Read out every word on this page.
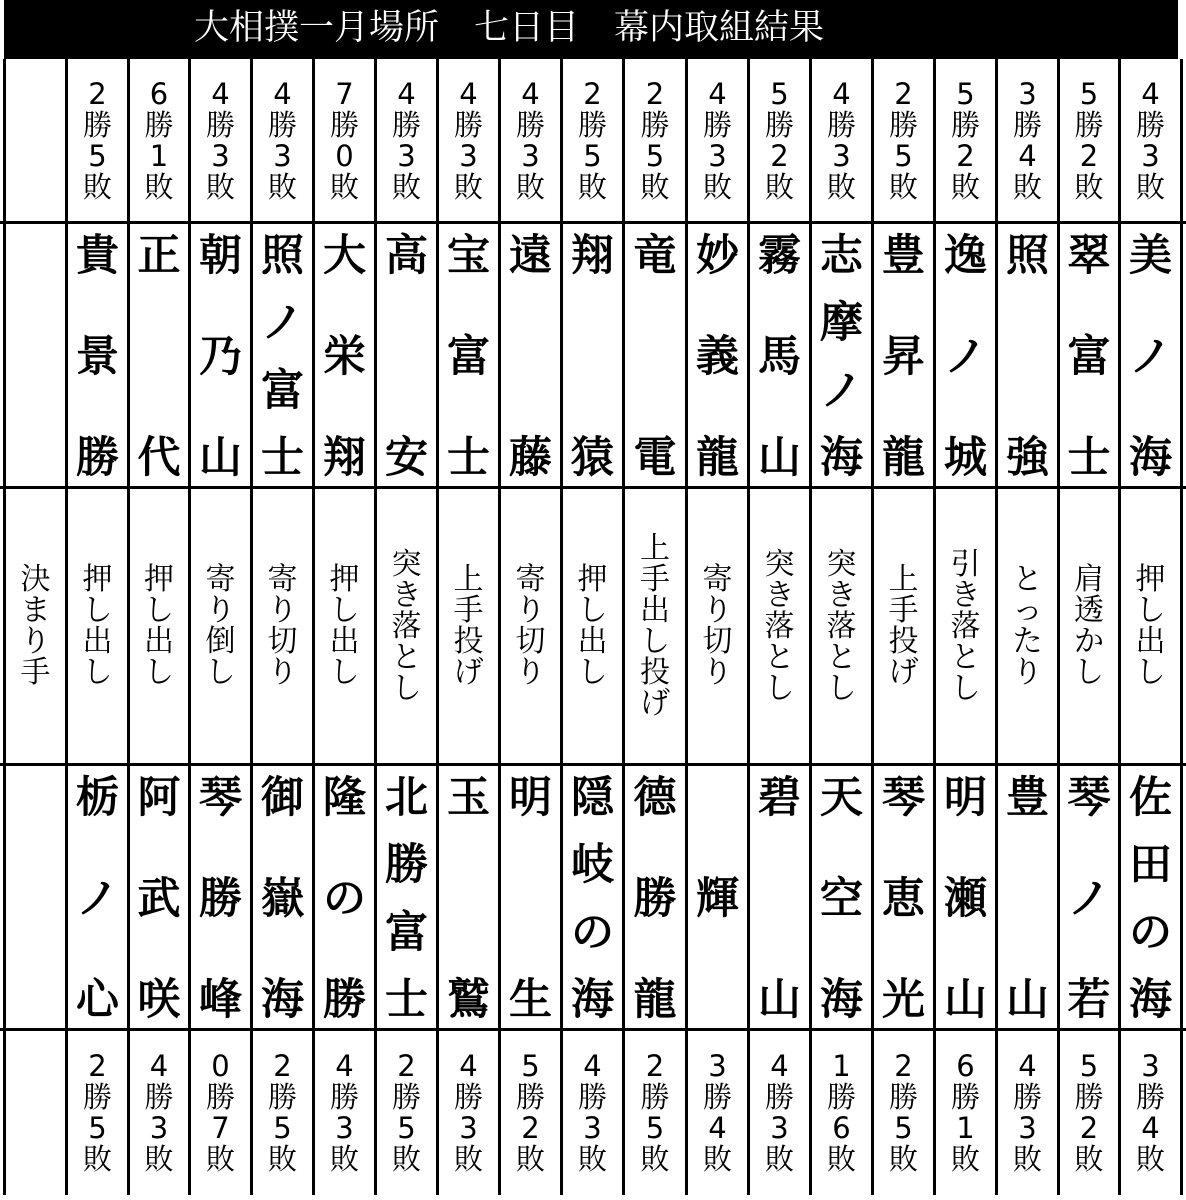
大相撲一月場所　七日目　幕内取組結果
決
ま
り
手
2
勝
5
敗
貴
景
勝
押
し
出
し
栃
ノ
心
2
勝
5
敗
6
勝
1
敗
正
代
押
し
出
し
阿
武
咲
4
勝
3
敗
4
勝
3
敗
朝
乃
山
寄
り
倒
し
琴
勝
峰
0
勝
7
敗
4
勝
3
敗
照
ノ
富
士
寄
り
切
り
御
嶽
海
2
勝
5
敗
7
勝
0
敗
大
栄
翔
押
し
出
し
隆
の
勝
4
勝
3
敗
4
勝
3
敗
高
安
突
き
落
と
し
北
勝
富
士
2
勝
5
敗
4
勝
3
敗
宝
富
士
上
手
投
げ
玉
鷲
4
勝
3
敗
4
勝
3
敗
遠
藤
寄
り
切
り
明
生
5
勝
2
敗
2
勝
5
敗
翔
猿
押
し
出
し
隠
岐
の
海
4
勝
3
敗
2
勝
5
敗
竜
電
上
手
出
し
投
げ
德
勝
龍
2
勝
5
敗
4
勝
3
敗
妙
義
龍
寄
り
切
り
輝
3
勝
4
敗
5
勝
2
敗
霧
馬
山
突
き
落
と
し
碧
山
4
勝
3
敗
4
勝
3
敗
志
摩
ノ
海
突
き
落
と
し
天
空
海
1
勝
6
敗
2
勝
5
敗
豊
昇
龍
上
手
投
げ
琴
恵
光
2
勝
5
敗
5
勝
2
敗
逸
ノ
城
引
き
落
と
し
明
瀬
山
6
勝
1
敗
3
勝
4
敗
照
強
と
っ
た
り
豊
山
4
勝
3
敗
5
勝
2
敗
翠
富
士
肩
透
か
し
琴
ノ
若
5
勝
2
敗
4
勝
3
敗
美
ノ
海
押
し
出
し
佐
田
の
海
3
勝
4
敗
